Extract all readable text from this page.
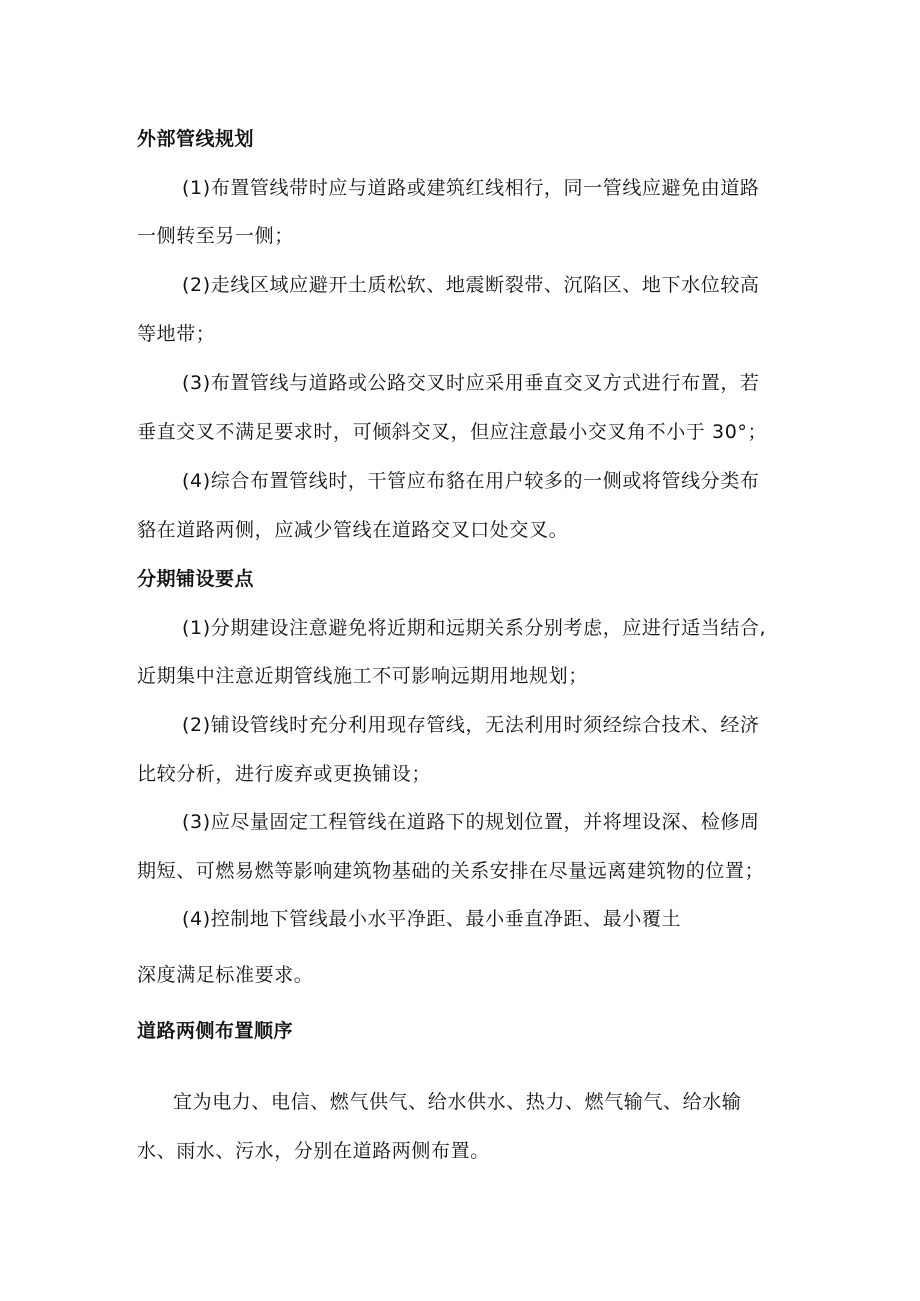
外部管线规划
(1)布置管线带时应与道路或建筑红线相行，同一管线应避免由道路
一侧转至另一侧；
(2)走线区域应避开土质松软、地震断裂带、沉陷区、地下水位较高
等地带；
(3)布置管线与道路或公路交叉时应采用垂直交叉方式进行布置，若
垂直交叉不满足要求时，可倾斜交叉，但应注意最小交叉角不小于 30°；
(4)综合布置管线时，干管应布貉在用户较多的一侧或将管线分类布
貉在道路两侧，应减少管线在道路交叉口处交叉。
分期铺设要点
(1)分期建设注意避免将近期和远期关系分别考虑，应进行适当结合,
近期集中注意近期管线施工不可影响远期用地规划；
(2)铺设管线时充分利用现存管线，无法利用时须经综合技术、经济
比较分析，进行废弃或更换铺设；
(3)应尽量固定工程管线在道路下的规划位置，并将埋设深、检修周
期短、可燃易燃等影响建筑物基础的关系安排在尽量远离建筑物的位置；
(4)控制地下管线最小水平净距、最小垂直净距、最小覆土
深度满足标准要求。
道路两侧布置顺序
宜为电力、电信、燃气供气、给水供水、热力、燃气输气、给水输
水、雨水、污水，分别在道路两侧布置。
